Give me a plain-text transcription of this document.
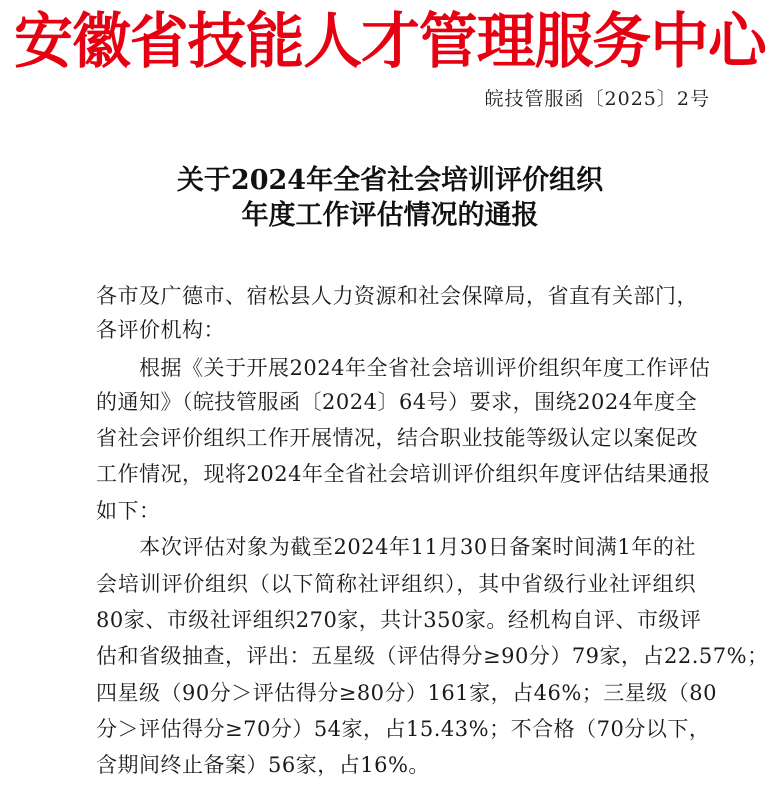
安徽省技能人才管理服务中心
皖技管服函〔2025〕2号
关于2024年全省社会培训评价组织
年度工作评估情况的通报
各市及广德市、宿松县人力资源和社会保障局，省直有关部门，
各评价机构：
　　根据《关于开展2024年全省社会培训评价组织年度工作评估
的通知》（皖技管服函〔2024〕64号）要求，围绕2024年度全
省社会评价组织工作开展情况，结合职业技能等级认定以案促改
工作情况，现将2024年全省社会培训评价组织年度评估结果通报
如下：
　　本次评估对象为截至2024年11月30日备案时间满1年的社
会培训评价组织（以下简称社评组织），其中省级行业社评组织
80家、市级社评组织270家，共计350家。经机构自评、市级评
估和省级抽查，评出：五星级（评估得分≥90分）79家，占22.57%；
四星级（90分＞评估得分≥80分）161家，占46%；三星级（80
分＞评估得分≥70分）54家，占15.43%；不合格（70分以下，
含期间终止备案）56家，占16%。
